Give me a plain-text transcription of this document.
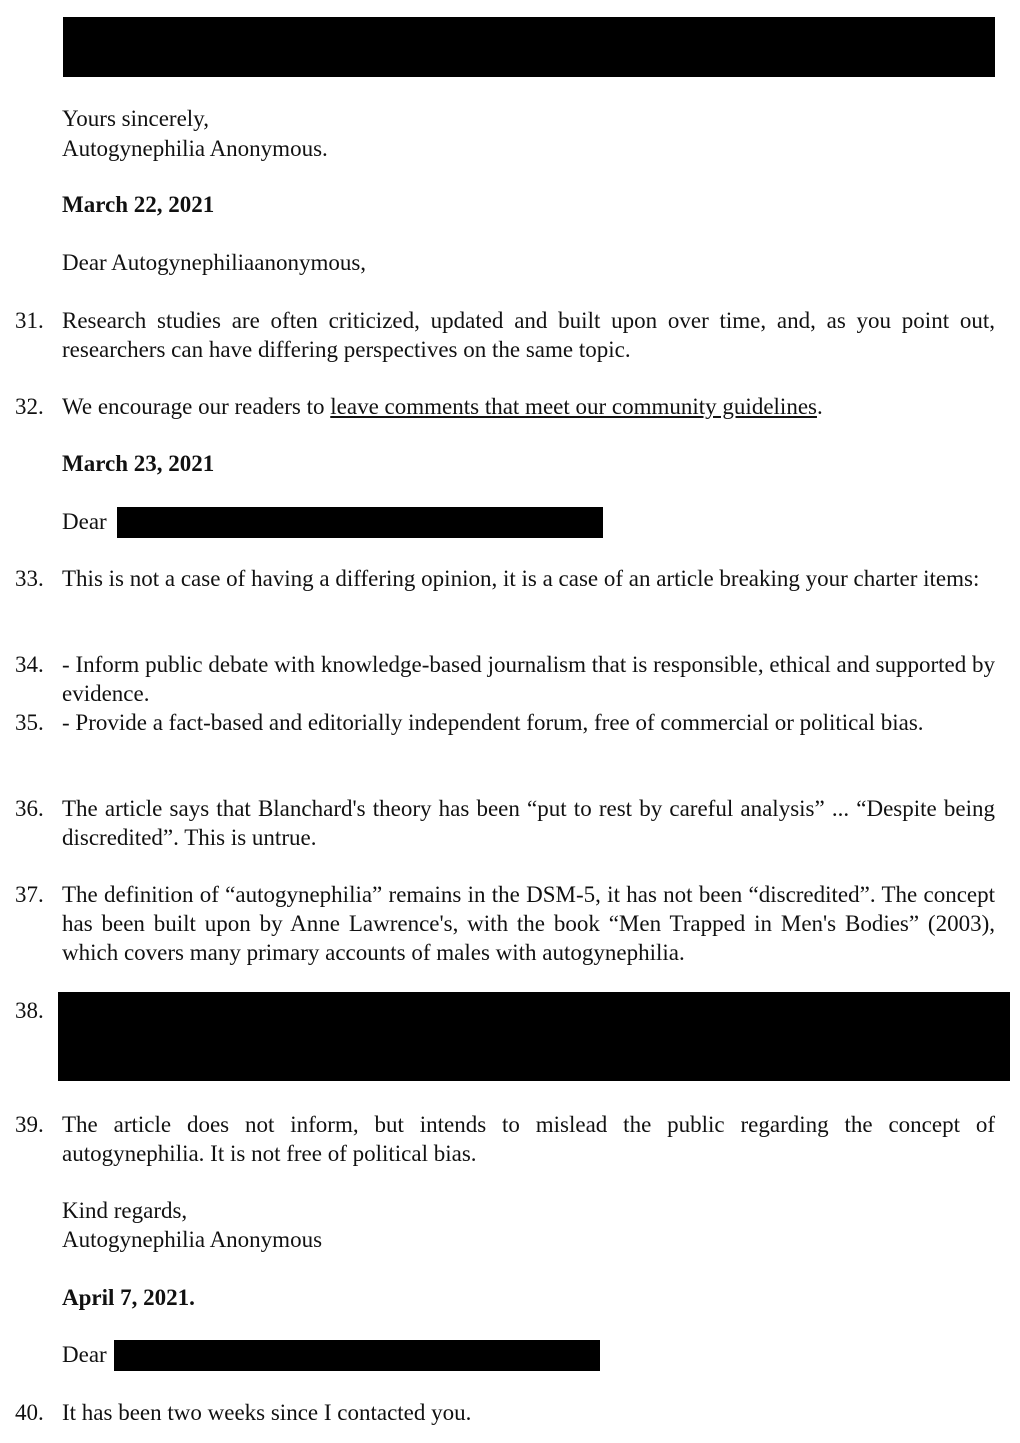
Yours sincerely,
Autogynephilia Anonymous.
March 22, 2021
Dear Autogynephiliaanonymous,
31. Research studies are often criticized, updated and built upon over time, and, as you point out, researchers can have differing perspectives on the same topic.
32. We encourage our readers to leave comments that meet our community guidelines.
March 23, 2021
Dear
33. This is not a case of having a differing opinion, it is a case of an article breaking your charter items:
34. - Inform public debate with knowledge-based journalism that is responsible, ethical and supported by evidence.
35. - Provide a fact-based and editorially independent forum, free of commercial or political bias.
36. The article says that Blanchard's theory has been “put to rest by careful analysis” ... “Despite being discredited”. This is untrue.
37. The definition of “autogynephilia” remains in the DSM-5, it has not been “discredited”. The concept has been built upon by Anne Lawrence's, with the book “Men Trapped in Men's Bodies” (2003), which covers many primary accounts of males with autogynephilia.
38.
39. The article does not inform, but intends to mislead the public regarding the concept of autogynephilia. It is not free of political bias.
Kind regards,
Autogynephilia Anonymous
April 7, 2021.
Dear
40. It has been two weeks since I contacted you.
